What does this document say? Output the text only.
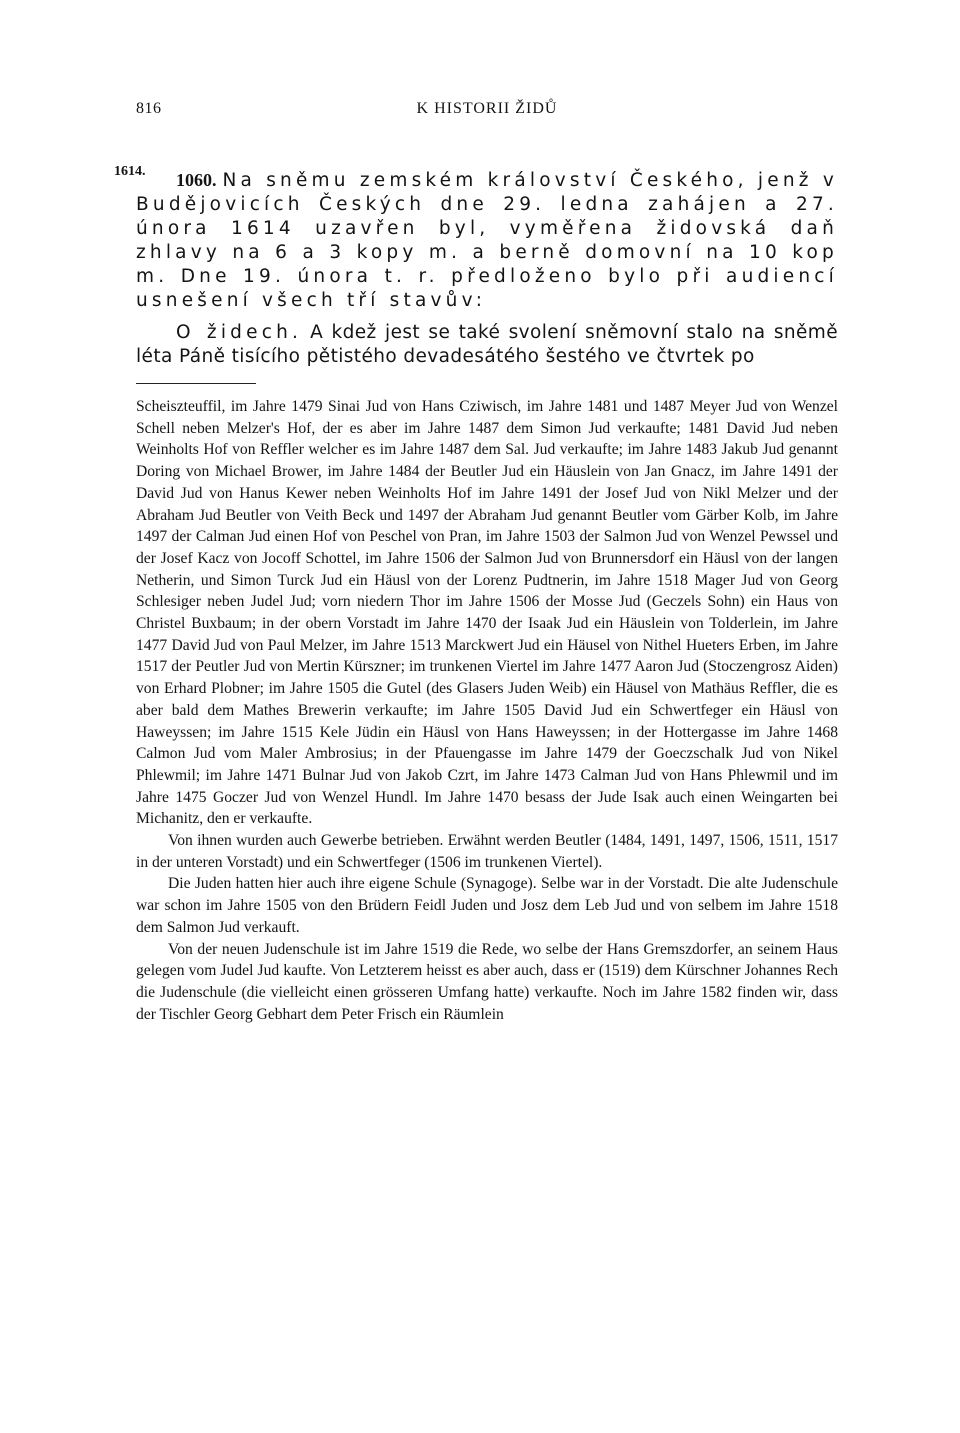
816	K HISTORII ŽIDŮ
1614.	1060. Na sněmu zemském království Českého, jenž v Budějovicích Českých dne 29. ledna zahájen a 27. února 1614 uzavřen byl, vyměřena židovská daň zhlavy na 6 a 3 kopy m. a berně domovní na 10 kop m. Dne 19. února t. r. předloženo bylo při audiencí usnešení všech tří stavův:

O židech. A kdež jest se také svolení sněmovní stalo na sněmě léta Páně tisícího pětistého devadesátého šestého ve čtvrtek po

Scheiszteuffil, im Jahre 1479 Sinai Jud von Hans Cziwisch, im Jahre 1481 und 1487 Meyer Jud von Wenzel Schell neben Melzer's Hof, der es aber im Jahre 1487 dem Simon Jud verkaufte; 1481 David Jud neben Weinholts Hof von Reffler welcher es im Jahre 1487 dem Sal. Jud verkaufte; im Jahre 1483 Jakub Jud genannt Doring von Michael Brower, im Jahre 1484 der Beutler Jud ein Häuslein von Jan Gnacz, im Jahre 1491 der David Jud von Hanus Kewer neben Weinholts Hof im Jahre 1491 der Josef Jud von Nikl Melzer und der Abraham Jud Beutler von Veith Beck und 1497 der Abraham Jud genannt Beutler vom Gärber Kolb, im Jahre 1497 der Calman Jud einen Hof von Peschel von Pran, im Jahre 1503 der Salmon Jud von Wenzel Pewssel und der Josef Kacz von Jocoff Schottel, im Jahre 1506 der Salmon Jud von Brunnersdorf ein Häusl von der langen Netherin, und Simon Turck Jud ein Häusl von der Lorenz Pudtnerin, im Jahre 1518 Mager Jud von Georg Schlesiger neben Judel Jud; vorn niedern Thor im Jahre 1506 der Mosse Jud (Geczels Sohn) ein Haus von Christel Buxbaum; in der obern Vorstadt im Jahre 1470 der Isaak Jud ein Häuslein von Tolderlein, im Jahre 1477 David Jud von Paul Melzer, im Jahre 1513 Marckwert Jud ein Häusel von Nithel Hueters Erben, im Jahre 1517 der Peutler Jud von Mertin Kürszner; im trunkenen Viertel im Jahre 1477 Aaron Jud (Stoczengrosz Aiden) von Erhard Plobner; im Jahre 1505 die Gutel (des Glasers Juden Weib) ein Häusel von Mathäus Reffler, die es aber bald dem Mathes Brewerin verkaufte; im Jahre 1505 David Jud ein Schwertfeger ein Häusl von Haweyssen; im Jahre 1515 Kele Jüdin ein Häusl von Hans Haweyssen; in der Hottergasse im Jahre 1468 Calmon Jud vom Maler Ambrosius; in der Pfauengasse im Jahre 1479 der Goeczschalk Jud von Nikel Phlewmil; im Jahre 1471 Bulnar Jud von Jakob Czrt, im Jahre 1473 Calman Jud von Hans Phlewmil und im Jahre 1475 Goczer Jud von Wenzel Hundl. Im Jahre 1470 besass der Jude Isak auch einen Weingarten bei Michanitz, den er verkaufte.

Von ihnen wurden auch Gewerbe betrieben. Erwähnt werden Beutler (1484, 1491, 1497, 1506, 1511, 1517 in der unteren Vorstadt) und ein Schwertfeger (1506 im trunkenen Viertel).

Die Juden hatten hier auch ihre eigene Schule (Synagoge). Selbe war in der Vorstadt. Die alte Judenschule war schon im Jahre 1505 von den Brüdern Feidl Juden und Josz dem Leb Jud und von selbem im Jahre 1518 dem Salmon Jud verkauft.

Von der neuen Judenschule ist im Jahre 1519 die Rede, wo selbe der Hans Gremszdorfer, an seinem Haus gelegen vom Judel Jud kaufte. Von Letzterem heisst es aber auch, dass er (1519) dem Kürschner Johannes Rech die Judenschule (die vielleicht einen grösseren Umfang hatte) verkaufte. Noch im Jahre 1582 finden wir, dass der Tischler Georg Gebhart dem Peter Frisch ein Räumlein
